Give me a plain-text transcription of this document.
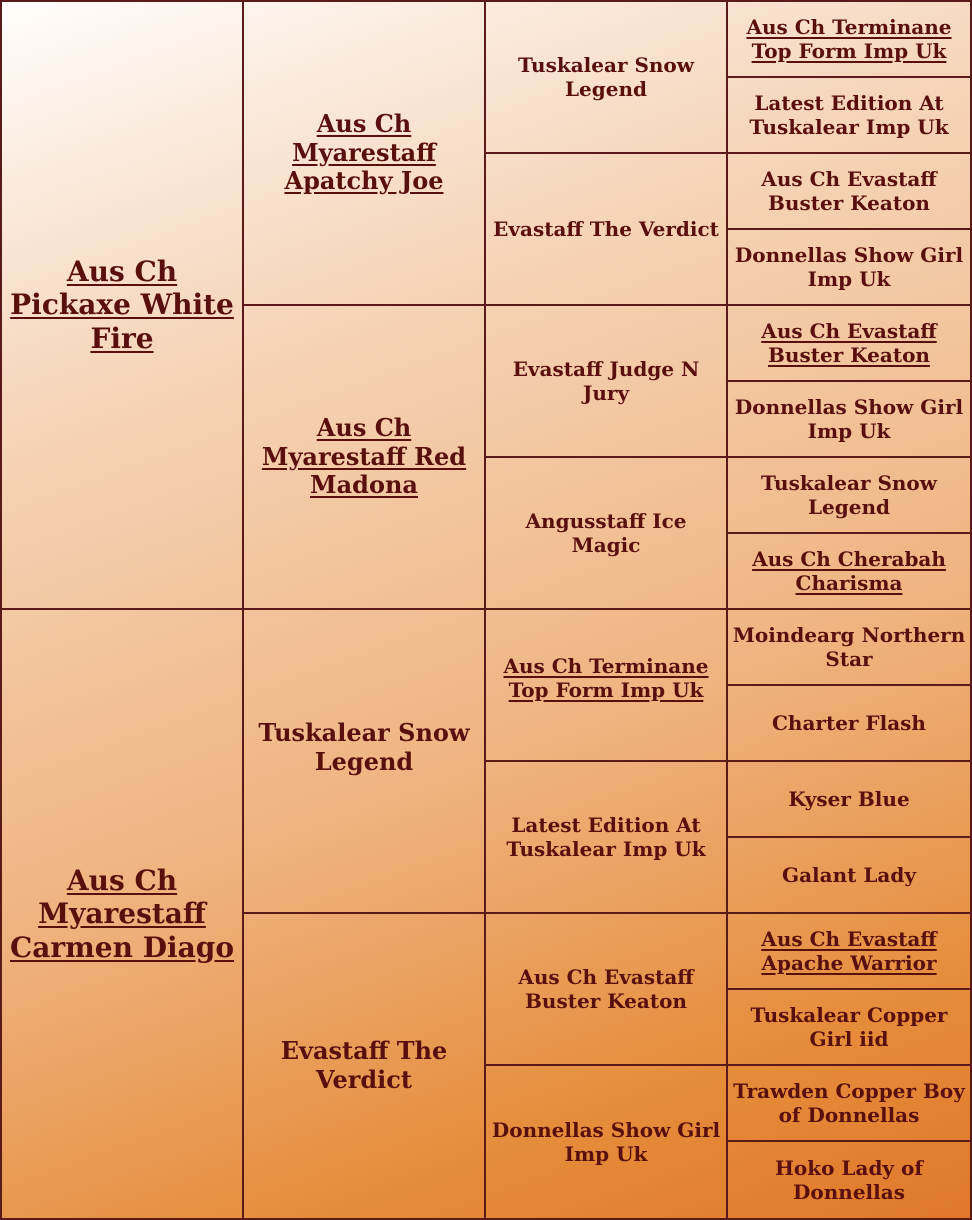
Aus Ch Pickaxe White Fire
Aus Ch Myarestaff Apatchy Joe
Tuskalear Snow Legend
Aus Ch Terminane Top Form Imp Uk
Latest Edition At Tuskalear Imp Uk
Evastaff The Verdict
Aus Ch Evastaff Buster Keaton
Donnellas Show Girl Imp Uk
Aus Ch Myarestaff Red Madona
Evastaff Judge N Jury
Aus Ch Evastaff Buster Keaton
Donnellas Show Girl Imp Uk
Angusstaff Ice Magic
Tuskalear Snow Legend
Aus Ch Cherabah Charisma
Aus Ch Myarestaff Carmen Diago
Tuskalear Snow Legend
Aus Ch Terminane Top Form Imp Uk
Moindearg Northern Star
Charter Flash
Latest Edition At Tuskalear Imp Uk
Kyser Blue
Galant Lady
Evastaff The Verdict
Aus Ch Evastaff Buster Keaton
Aus Ch Evastaff Apache Warrior
Tuskalear Copper Girl iid
Donnellas Show Girl Imp Uk
Trawden Copper Boy of Donnellas
Hoko Lady of Donnellas
